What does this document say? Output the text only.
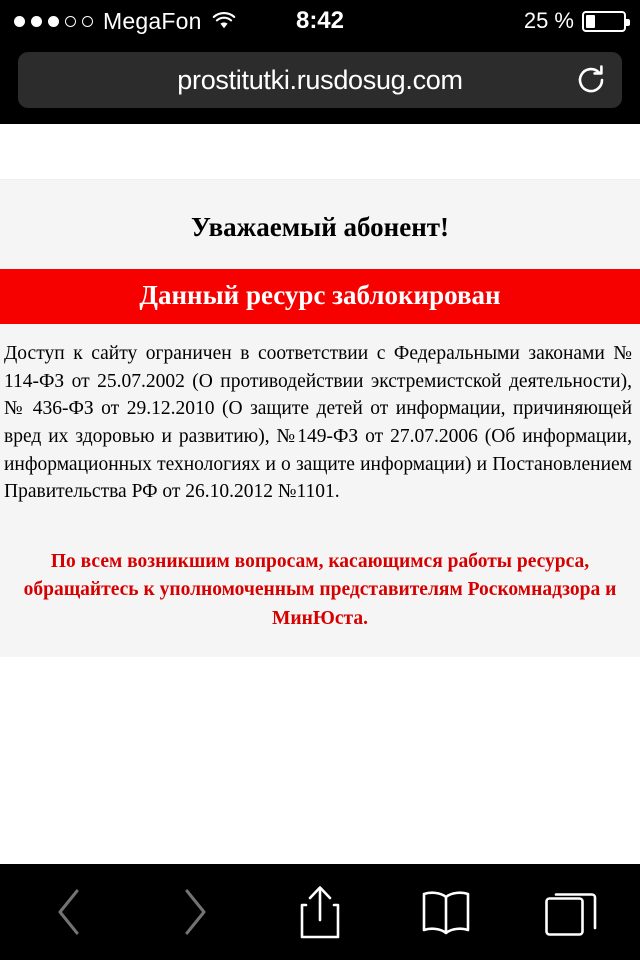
MegaFon	8:42	25 %
prostitutki.rusdosug.com
Уважаемый абонент!
Данный ресурс заблокирован

Доступ к сайту ограничен в соответствии с Федеральными законами № 114-ФЗ от 25.07.2002 (О противодействии экстремистской деятельности), № 436-ФЗ от 29.12.2010 (О защите детей от информации, причиняющей вред их здоровью и развитию), №149-ФЗ от 27.07.2006 (Об информации, информационных технологиях и о защите информации) и Постановлением Правительства РФ от 26.10.2012 №1101.

По всем возникшим вопросам, касающимся работы ресурса, обращайтесь к уполномоченным представителям Роскомнадзора и МинЮста.
